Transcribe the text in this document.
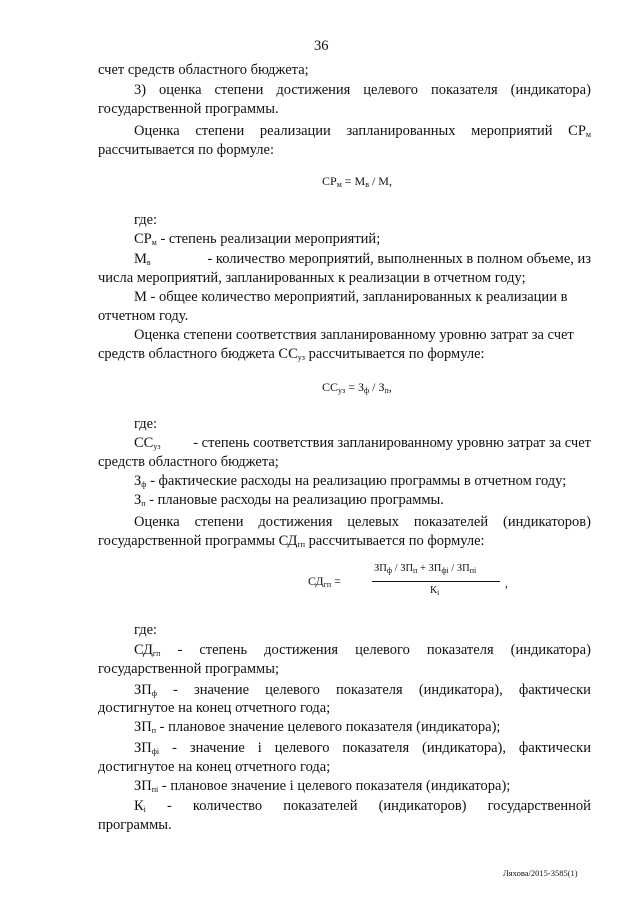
36
счет средств областного бюджета;
3) оценка степени достижения целевого показателя (индикатора)
государственной программы.
Оценка степени реализации запланированных мероприятий $СР_м$
рассчитывается по формуле:
$СР_м = М_в / М$,
где:
$СР_м$ - степень реализации мероприятий;
$М_в$	- количество мероприятий, выполненных в полном объеме, из
числа мероприятий, запланированных к реализации в отчетном году;
М - общее количество мероприятий, запланированных к реализации в
отчетном году.
Оценка степени соответствия запланированному уровню затрат за счет
средств областного бюджета $СС_{уз}$ рассчитывается по формуле:
$СС_{уз} = З_ф / З_п$,
где:
$СС_{уз}$ - степень соответствия запланированному уровню затрат за счет
средств областного бюджета;
$З_ф$ - фактические расходы на реализацию программы в отчетном году;
$З_п$ - плановые расходы на реализацию программы.
Оценка степени достижения целевых показателей (индикаторов)
государственной программы $СД_{гп}$ рассчитывается по формуле:
$СД_{гп}$ =
$ЗП_ф / ЗП_п + ЗП_{фi} / ЗП_{пi}$
$К_i$
,
где:
$СД_{гп}$ - степень достижения целевого показателя (индикатора)
государственной программы;
$ЗП_ф$ - значение целевого показателя (индикатора), фактически
достигнутое на конец отчетного года;
$ЗП_п$ - плановое значение целевого показателя (индикатора);
$ЗП_{фi}$ - значение i целевого показателя (индикатора), фактически
достигнутое на конец отчетного года;
$ЗП_{пi}$ - плановое значение i целевого показателя (индикатора);
$К_i$ - количество показателей (индикаторов) государственной
программы.
Ляхова/2015-3585(1)
